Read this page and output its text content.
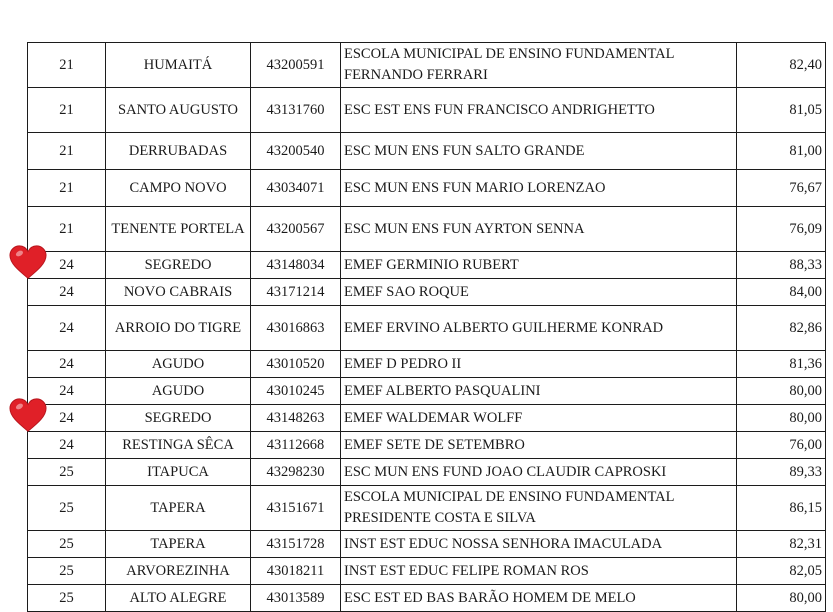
21	HUMAITÁ	43200591	ESCOLA MUNICIPAL DE ENSINO FUNDAMENTAL FERNANDO FERRARI	82,40
21	SANTO AUGUSTO	43131760	ESC EST ENS FUN FRANCISCO ANDRIGHETTO	81,05
21	DERRUBADAS	43200540	ESC MUN ENS FUN SALTO GRANDE	81,00
21	CAMPO NOVO	43034071	ESC MUN ENS FUN MARIO LORENZAO	76,67
21	TENENTE PORTELA	43200567	ESC MUN ENS FUN AYRTON SENNA	76,09
24	SEGREDO	43148034	EMEF GERMINIO RUBERT	88,33
24	NOVO CABRAIS	43171214	EMEF SAO ROQUE	84,00
24	ARROIO DO TIGRE	43016863	EMEF ERVINO ALBERTO GUILHERME KONRAD	82,86
24	AGUDO	43010520	EMEF D PEDRO II	81,36
24	AGUDO	43010245	EMEF ALBERTO PASQUALINI	80,00
24	SEGREDO	43148263	EMEF WALDEMAR WOLFF	80,00
24	RESTINGA SÊCA	43112668	EMEF SETE DE SETEMBRO	76,00
25	ITAPUCA	43298230	ESC MUN ENS FUND JOAO CLAUDIR CAPROSKI	89,33
25	TAPERA	43151671	ESCOLA MUNICIPAL DE ENSINO FUNDAMENTAL PRESIDENTE COSTA E SILVA	86,15
25	TAPERA	43151728	INST EST EDUC NOSSA SENHORA IMACULADA	82,31
25	ARVOREZINHA	43018211	INST EST EDUC FELIPE ROMAN ROS	82,05
25	ALTO ALEGRE	43013589	ESC EST ED BAS BARÃO HOMEM DE MELO	80,00
